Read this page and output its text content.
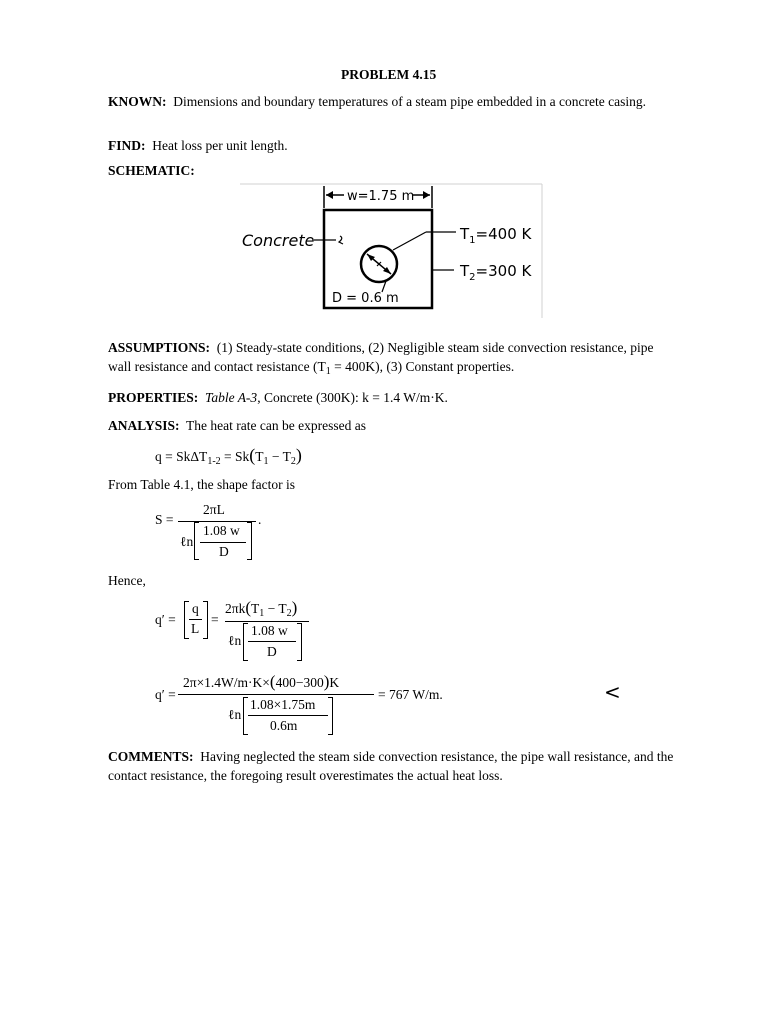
PROBLEM 4.15
KNOWN: Dimensions and boundary temperatures of a steam pipe embedded in a concrete casing.
FIND: Heat loss per unit length.
SCHEMATIC:
w=1.75 m
Concrete	$T_1=400$ K
$T_2=300$ K
D = 0.6 m
ASSUMPTIONS: (1) Steady-state conditions, (2) Negligible steam side convection resistance, pipe wall resistance and contact resistance $(T_1 = 400K)$, (3) Constant properties.
PROPERTIES: Table A-3, Concrete (300K): k = 1.4 W/m·K.
ANALYSIS: The heat rate can be expressed as
$q = Sk\Delta T_{1-2} = Sk(T_1 - T_2)$
From Table 4.1, the shape factor is
S =
2πL
.
ℓn
1.08 w
D
Hence,
q′ =
q
L
=
$2\pi k(T_1 - T_2)$
ℓn
1.08 w
D
q′ =
2π×1.4W/m·K×(400−300)K
= 767 W/m.
ℓn
1.08×1.75m
0.6m
<
COMMENTS: Having neglected the steam side convection resistance, the pipe wall resistance, and the contact resistance, the foregoing result overestimates the actual heat loss.
